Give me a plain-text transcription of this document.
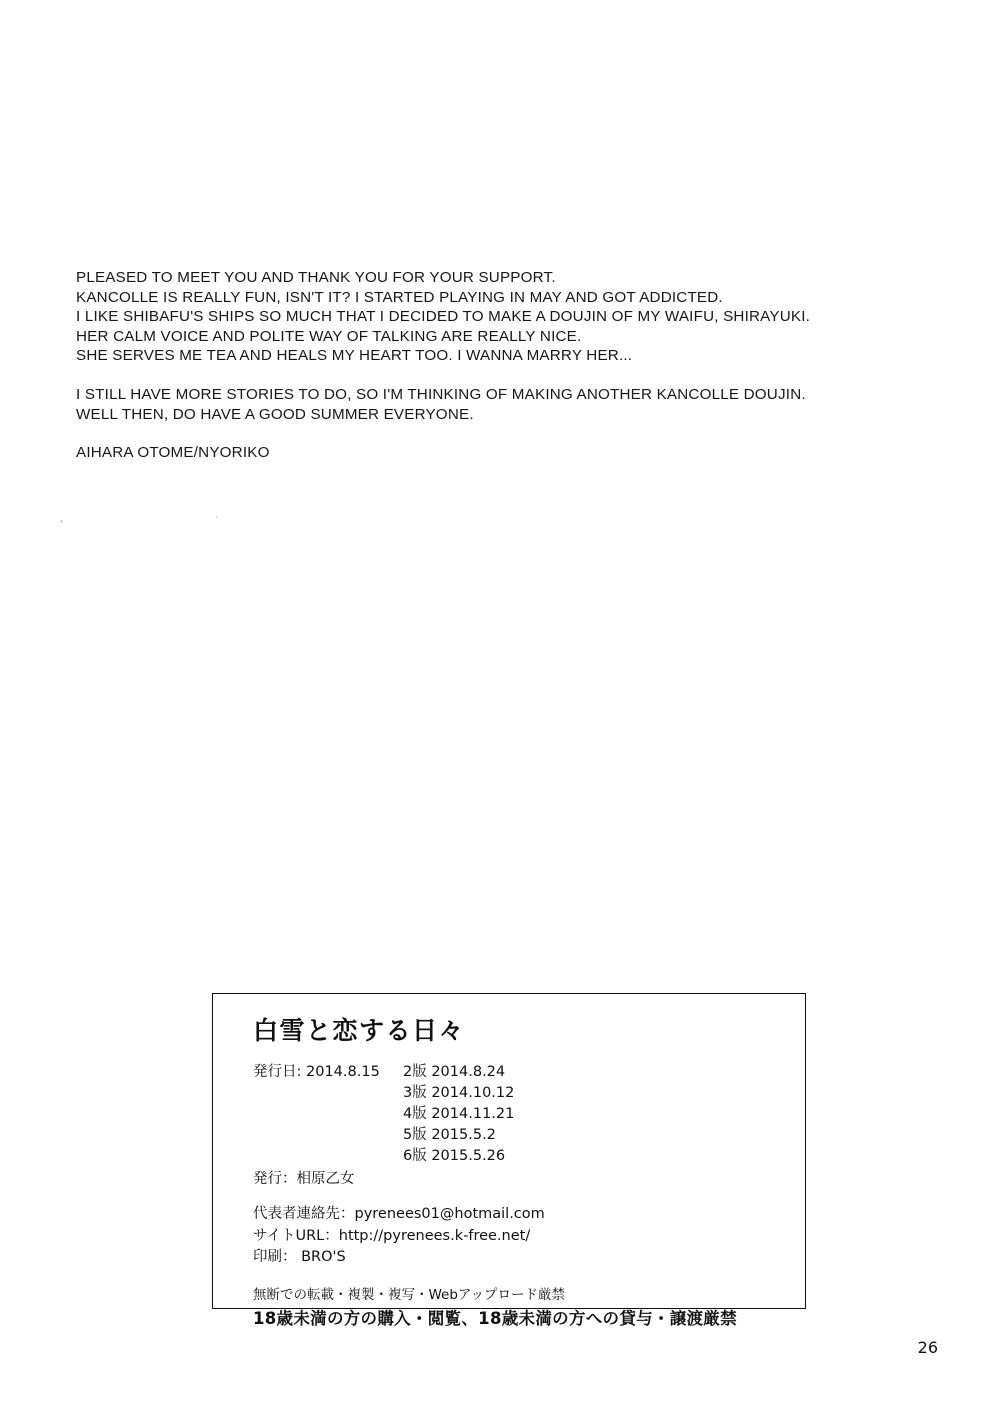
PLEASED TO MEET YOU AND THANK YOU FOR YOUR SUPPORT.

KANCOLLE IS REALLY FUN, ISN'T IT? I STARTED PLAYING IN MAY AND GOT ADDICTED.

I LIKE SHIBAFU'S SHIPS SO MUCH THAT I DECIDED TO MAKE A DOUJIN OF MY WAIFU, SHIRAYUKI.

HER CALM VOICE AND POLITE WAY OF TALKING ARE REALLY NICE.

SHE SERVES ME TEA AND HEALS MY HEART TOO. I WANNA MARRY HER...

I STILL HAVE MORE STORIES TO DO, SO I'M THINKING OF MAKING ANOTHER KANCOLLE DOUJIN.

WELL THEN, DO HAVE A GOOD SUMMER EVERYONE.

AIHARA OTOME/NYORIKO

白雪と恋する日々
発行日: 2014.8.15	2版 2014.8.24
3版 2014.10.12
4版 2014.11.21
5版 2015.5.2
6版 2015.5.26
発行：相原乙女
代表者連絡先：pyrenees01@hotmail.com
サイトURL：http://pyrenees.k-free.net/
印刷： BRO'S
無断での転載・複製・複写・Webアップロード厳禁
18歳未満の方の購入・閲覧、18歳未満の方への貸与・譲渡厳禁
26
